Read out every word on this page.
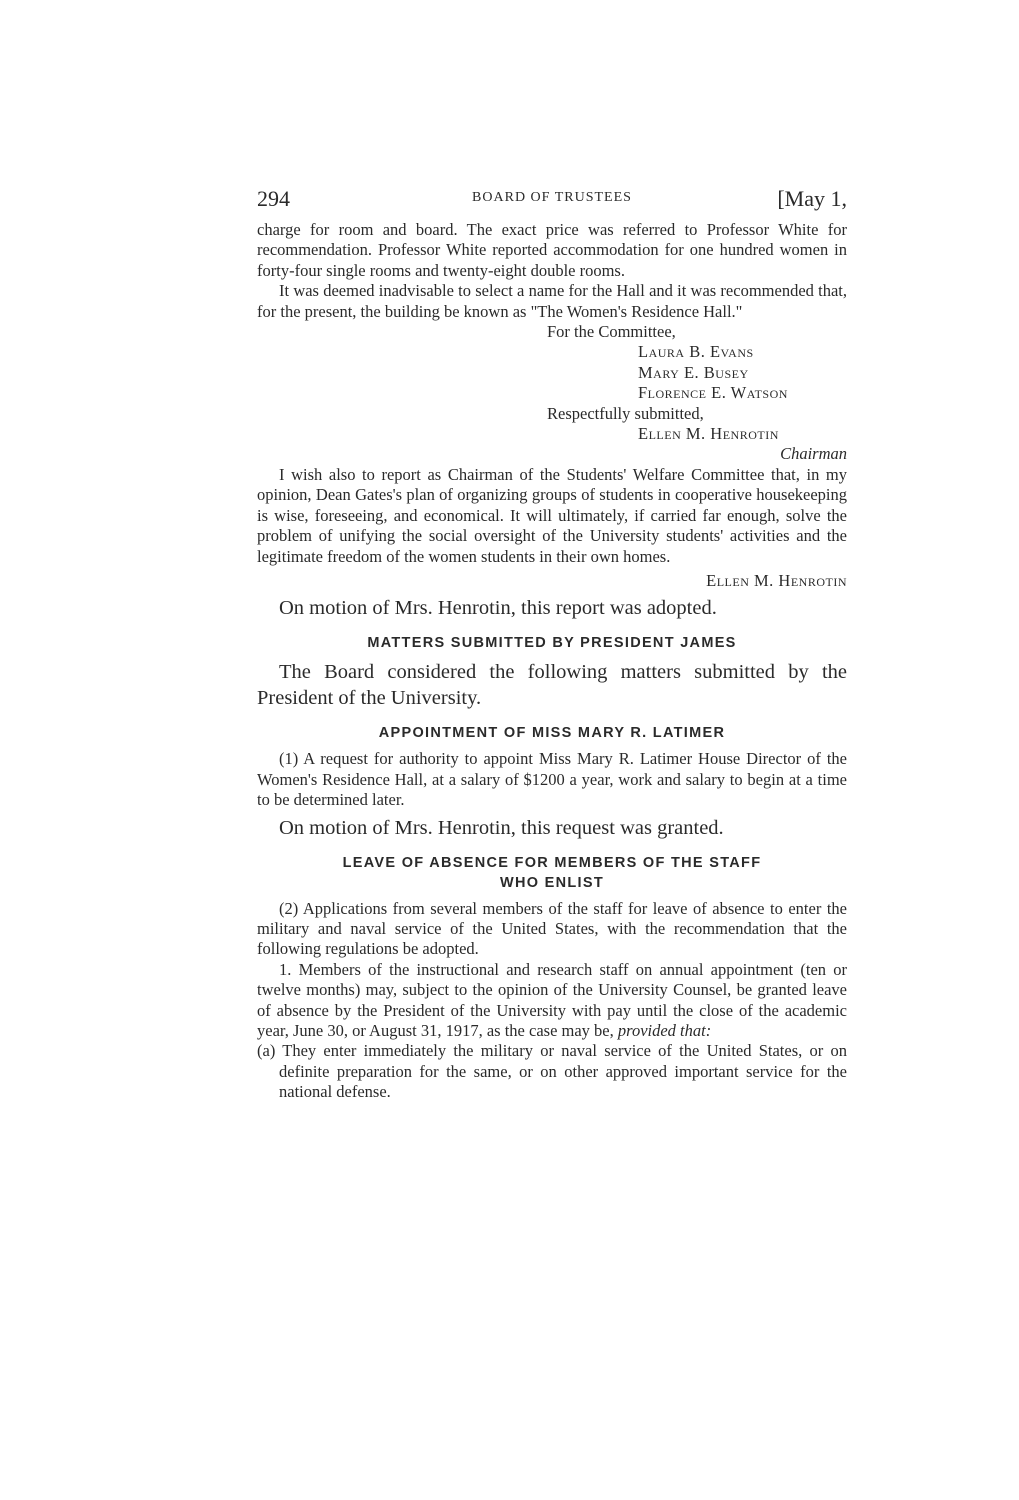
294	BOARD OF TRUSTEES	[May 1,

charge for room and board. The exact price was referred to Professor White for recommendation. Professor White reported accommodation for one hundred women in forty-four single rooms and twenty-eight double rooms.

It was deemed inadvisable to select a name for the Hall and it was recommended that, for the present, the building be known as "The Women's Residence Hall."

For the Committee,
Laura B. Evans
Mary E. Busey
Florence E. Watson
Respectfully submitted,
Ellen M. Henrotin
Chairman

I wish also to report as Chairman of the Students' Welfare Committee that, in my opinion, Dean Gates's plan of organizing groups of students in cooperative housekeeping is wise, foreseeing, and economical. It will ultimately, if carried far enough, solve the problem of unifying the social oversight of the University students' activities and the legitimate freedom of the women students in their own homes.

Ellen M. Henrotin

On motion of Mrs. Henrotin, this report was adopted.

MATTERS SUBMITTED BY PRESIDENT JAMES

The Board considered the following matters submitted by the President of the University.

APPOINTMENT OF MISS MARY R. LATIMER

(1) A request for authority to appoint Miss Mary R. Latimer House Director of the Women's Residence Hall, at a salary of $1200 a year, work and salary to begin at a time to be determined later.

On motion of Mrs. Henrotin, this request was granted.

LEAVE OF ABSENCE FOR MEMBERS OF THE STAFF
WHO ENLIST

(2) Applications from several members of the staff for leave of absence to enter the military and naval service of the United States, with the recommendation that the following regulations be adopted.

1. Members of the instructional and research staff on annual appointment (ten or twelve months) may, subject to the opinion of the University Counsel, be granted leave of absence by the President of the University with pay until the close of the academic year, June 30, or August 31, 1917, as the case may be, provided that:

(a) They enter immediately the military or naval service of the United States, or on definite preparation for the same, or on other approved important service for the national defense.
